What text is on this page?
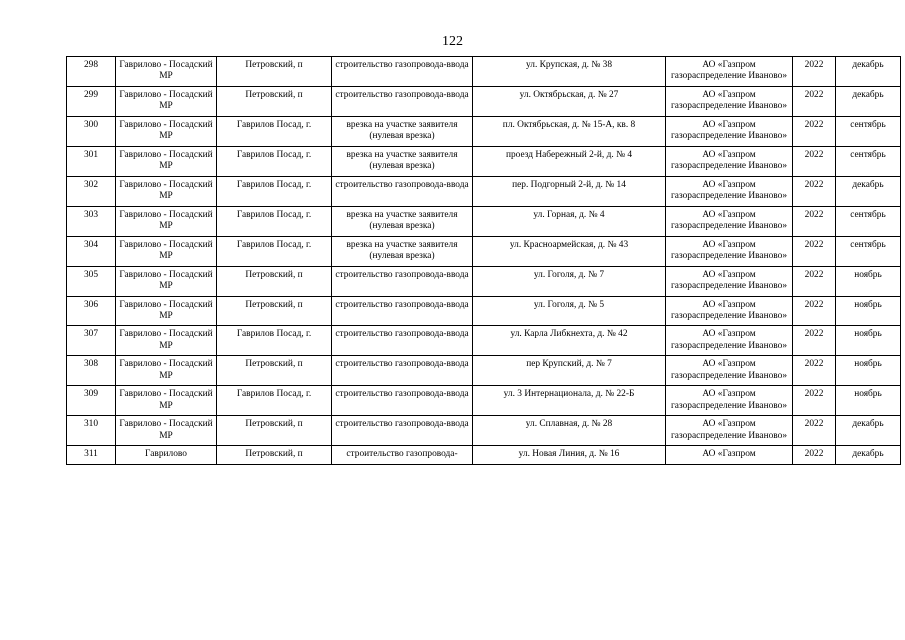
122
298	Гаврилово - Посадский МР	Петровский, п	строительство газопровода-ввода	ул. Крупская, д. № 38	АО «Газпром газораспределение Иваново»	2022	декабрь
299	Гаврилово - Посадский МР	Петровский, п	строительство газопровода-ввода	ул. Октябрьская, д. № 27	АО «Газпром газораспределение Иваново»	2022	декабрь
300	Гаврилово - Посадский МР	Гаврилов Посад, г.	врезка на участке заявителя (нулевая врезка)	пл. Октябрьская, д. № 15-А, кв. 8	АО «Газпром газораспределение Иваново»	2022	сентябрь
301	Гаврилово - Посадский МР	Гаврилов Посад, г.	врезка на участке заявителя (нулевая врезка)	проезд Набережный 2-й, д. № 4	АО «Газпром газораспределение Иваново»	2022	сентябрь
302	Гаврилово - Посадский МР	Гаврилов Посад, г.	строительство газопровода-ввода	пер. Подгорный 2-й, д. № 14	АО «Газпром газораспределение Иваново»	2022	декабрь
303	Гаврилово - Посадский МР	Гаврилов Посад, г.	врезка на участке заявителя (нулевая врезка)	ул. Горная, д. № 4	АО «Газпром газораспределение Иваново»	2022	сентябрь
304	Гаврилово - Посадский МР	Гаврилов Посад, г.	врезка на участке заявителя (нулевая врезка)	ул. Красноармейская, д. № 43	АО «Газпром газораспределение Иваново»	2022	сентябрь
305	Гаврилово - Посадский МР	Петровский, п	строительство газопровода-ввода	ул. Гоголя, д. № 7	АО «Газпром газораспределение Иваново»	2022	ноябрь
306	Гаврилово - Посадский МР	Петровский, п	строительство газопровода-ввода	ул. Гоголя, д. № 5	АО «Газпром газораспределение Иваново»	2022	ноябрь
307	Гаврилово - Посадский МР	Гаврилов Посад, г.	строительство газопровода-ввода	ул. Карла Либкнехта, д. № 42	АО «Газпром газораспределение Иваново»	2022	ноябрь
308	Гаврилово - Посадский МР	Петровский, п	строительство газопровода-ввода	пер Крупский, д. № 7	АО «Газпром газораспределение Иваново»	2022	ноябрь
309	Гаврилово - Посадский МР	Гаврилов Посад, г.	строительство газопровода-ввода	ул. 3 Интернационала, д. № 22-Б	АО «Газпром газораспределение Иваново»	2022	ноябрь
310	Гаврилово - Посадский МР	Петровский, п	строительство газопровода-ввода	ул. Сплавная, д. № 28	АО «Газпром газораспределение Иваново»	2022	декабрь
311	Гаврилово	Петровский, п	строительство газопровода-	ул. Новая Линия, д. № 16	АО «Газпром	2022	декабрь
